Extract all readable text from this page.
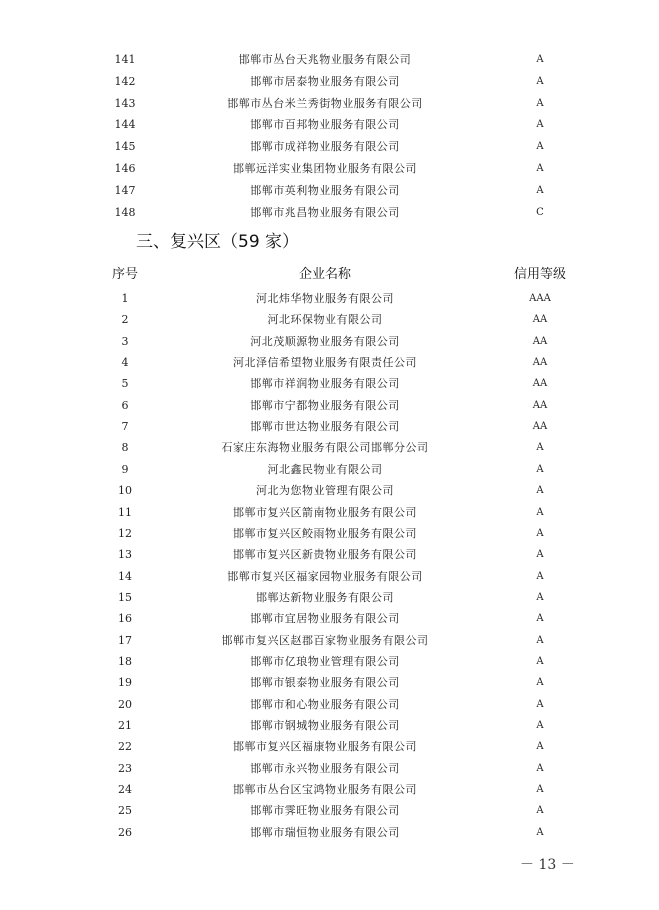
141	邯郸市丛台天兆物业服务有限公司	A
142	邯郸市居泰物业服务有限公司	A
143	邯郸市丛台米兰秀街物业服务有限公司	A
144	邯郸市百邦物业服务有限公司	A
145	邯郸市成祥物业服务有限公司	A
146	邯郸远洋实业集团物业服务有限公司	A
147	邯郸市英利物业服务有限公司	A
148	邯郸市兆昌物业服务有限公司	C
三、复兴区（59 家）
序号	企业名称	信用等级
1	河北炜华物业服务有限公司	AAA
2	河北环保物业有限公司	AA
3	河北茂顺源物业服务有限公司	AA
4	河北泽信希望物业服务有限责任公司	AA
5	邯郸市祥润物业服务有限公司	AA
6	邯郸市宁都物业服务有限公司	AA
7	邯郸市世达物业服务有限公司	AA
8	石家庄东海物业服务有限公司邯郸分公司	A
9	河北鑫民物业有限公司	A
10	河北为您物业管理有限公司	A
11	邯郸市复兴区箭南物业服务有限公司	A
12	邯郸市复兴区鲛雨物业服务有限公司	A
13	邯郸市复兴区新贵物业服务有限公司	A
14	邯郸市复兴区福家园物业服务有限公司	A
15	邯郸达新物业服务有限公司	A
16	邯郸市宜居物业服务有限公司	A
17	邯郸市复兴区赵郡百家物业服务有限公司	A
18	邯郸市亿琅物业管理有限公司	A
19	邯郸市银泰物业服务有限公司	A
20	邯郸市和心物业服务有限公司	A
21	邯郸市钢城物业服务有限公司	A
22	邯郸市复兴区福康物业服务有限公司	A
23	邯郸市永兴物业服务有限公司	A
24	邯郸市丛台区宝鸿物业服务有限公司	A
25	邯郸市霁旺物业服务有限公司	A
26	邯郸市瑞恒物业服务有限公司	A
－ 13 －
